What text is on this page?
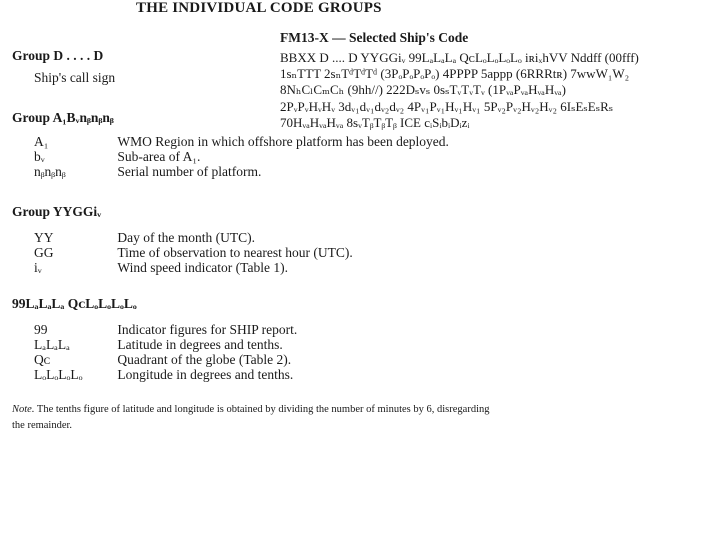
THE INDIVIDUAL CODE GROUPS
FM13-X — Selected Ship's Code
BBXX D .... D YYGGiᵥ 99LₐLₐLₐ QᴄLₒLₒLₒLₒ iʀiₓhVV Nddff (00fff)
1sₙTTT 2sₙTᵈTᵈTᵈ (3PₒPₒPₒPₒ) 4PPPP 5appp (6RRRtʀ) 7wwW₁W₂
8NₕCₗCₘCₕ (9hh//) 222Dₛvₛ 0sₛTᵥTᵥTᵥ (1PᵥₐPᵥₐHᵥₐHᵥₐ)
2PᵥPᵥHᵥHᵥ 3dᵥ₁dᵥ₁dᵥ₂dᵥ₂ 4Pᵥ₁Pᵥ₁Hᵥ₁Hᵥ₁ 5Pᵥ₂Pᵥ₂Hᵥ₂Hᵥ₂ 6IₛEₛEₛRₛ
70HᵥₐHᵥₐHᵥₐ 8sᵥTᵦTᵦTᵦ ICE cᵢSᵢbᵢDᵢzᵢ
Group D . . . . D
Ship's call sign
Group A₁Bᵥnᵦnᵦnᵦ
A₁	WMO Region in which offshore platform has been deployed.
bᵥ	Sub-area of A₁.
nᵦnᵦnᵦ	Serial number of platform.
Group YYGGiᵥ
YY	Day of the month (UTC).
GG	Time of observation to nearest hour (UTC).
iᵥ	Wind speed indicator (Table 1).
99LₐLₐLₐ QᴄLₒLₒLₒLₒ
99	Indicator figures for SHIP report.
LₐLₐLₐ	Latitude in degrees and tenths.
Qᴄ	Quadrant of the globe (Table 2).
LₒLₒLₒLₒ	Longitude in degrees and tenths.
Note. The tenths figure of latitude and longitude is obtained by dividing the number of minutes by 6, disregarding the remainder.
